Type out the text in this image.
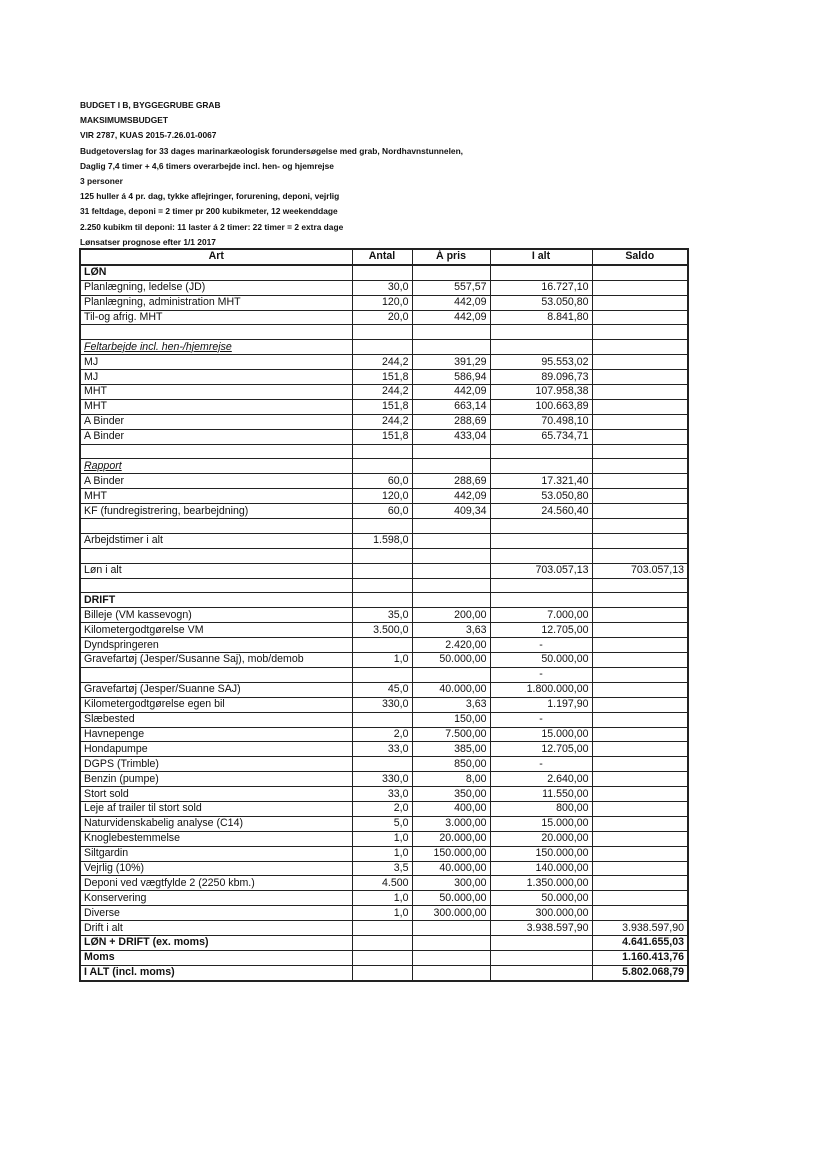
BUDGET I B, BYGGEGRUBE GRAB
MAKSIMUMSBUDGET
VIR 2787, KUAS 2015-7.26.01-0067
Budgetoverslag for 33 dages marinarkæologisk forundersøgelse med grab, Nordhavnstunnelen,
Daglig 7,4 timer + 4,6 timers overarbejde incl. hen- og hjemrejse
3 personer
125 huller á 4 pr. dag, tykke aflejringer, forurening, deponi, vejrlig
31 feltdage, deponi = 2 timer pr 200 kubikmeter, 12 weekenddage
2.250 kubikm til deponi: 11 laster á 2 timer: 22 timer = 2 extra dage
Lønsatser prognose efter 1/1 2017
Art	Antal	Á pris	I alt	Saldo
LØN				
Planlægning, ledelse (JD)	30,0	557,57	16.727,10	
Planlægning, administration MHT	120,0	442,09	53.050,80	
Til-og afrig. MHT	20,0	442,09	8.841,80	

Feltarbejde incl. hen-/hjemrejse				
MJ	244,2	391,29	95.553,02	
MJ	151,8	586,94	89.096,73	
MHT	244,2	442,09	107.958,38	
MHT	151,8	663,14	100.663,89	
A Binder	244,2	288,69	70.498,10	
A Binder	151,8	433,04	65.734,71	

Rapport				
A Binder	60,0	288,69	17.321,40	
MHT	120,0	442,09	53.050,80	
KF (fundregistrering, bearbejdning)	60,0	409,34	24.560,40	

Arbejdstimer i alt	1.598,0			

Løn i alt			703.057,13	703.057,13

DRIFT				
Billeje (VM kassevogn)	35,0	200,00	7.000,00	
Kilometergodtgørelse VM	3.500,0	3,63	12.705,00	
Dyndspringeren		2.420,00	-	
Gravefartøj (Jesper/Susanne Saj), mob/demob	1,0	50.000,00	50.000,00	
			-	
Gravefartøj (Jesper/Suanne SAJ)	45,0	40.000,00	1.800.000,00	
Kilometergodtgørelse egen bil	330,0	3,63	1.197,90	
Slæbested		150,00	-	
Havnepenge	2,0	7.500,00	15.000,00	
Hondapumpe	33,0	385,00	12.705,00	
DGPS (Trimble)		850,00	-	
Benzin (pumpe)	330,0	8,00	2.640,00	
Stort sold	33,0	350,00	11.550,00	
Leje af trailer til stort sold	2,0	400,00	800,00	
Naturvidenskabelig analyse (C14)	5,0	3.000,00	15.000,00	
Knoglebestemmelse	1,0	20.000,00	20.000,00	
Siltgardin	1,0	150.000,00	150.000,00	
Vejrlig (10%)	3,5	40.000,00	140.000,00	
Deponi ved vægtfylde 2 (2250 kbm.)	4.500	300,00	1.350.000,00	
Konservering	1,0	50.000,00	50.000,00	
Diverse	1,0	300.000,00	300.000,00	
Drift i alt			3.938.597,90	3.938.597,90
LØN + DRIFT (ex. moms)				4.641.655,03
Moms				1.160.413,76
I ALT (incl. moms)				5.802.068,79
